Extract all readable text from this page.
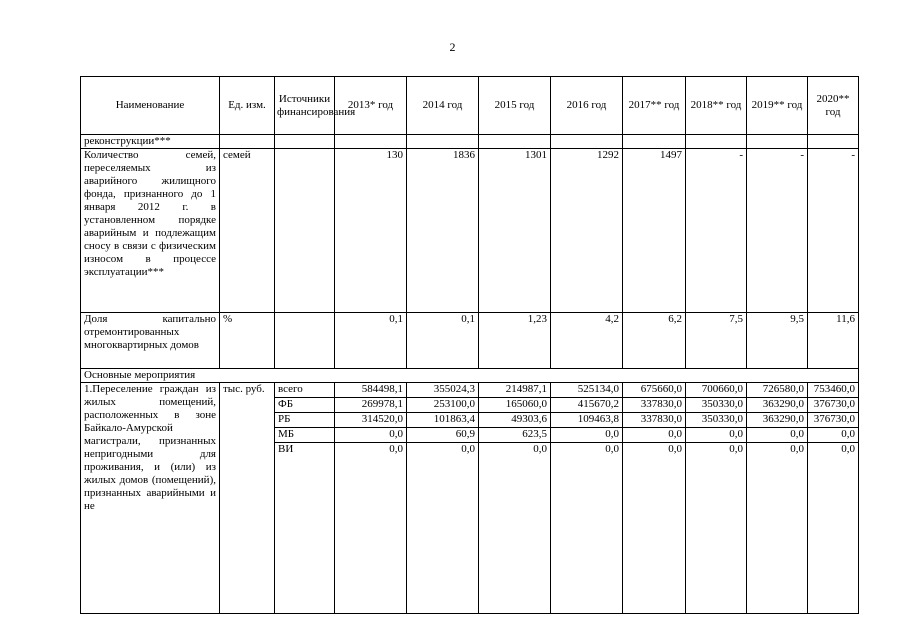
2
Наименование	Ед. изм.	Источники финансирования	2013* год	2014 год	2015 год	2016 год	2017** год	2018** год	2019** год	2020** год
реконструкции***										
Количество семей, переселяемых из аварийного жилищного фонда, признанного до 1 января 2012 г. в установленном порядке аварийным и подлежащим сносу в связи с физическим износом в процессе эксплуатации***	семей		130	1836	1301	1292	1497	-	-	-
Доля капитально отремонтированных многоквартирных домов	%		0,1	0,1	1,23	4,2	6,2	7,5	9,5	11,6
Основные мероприятия										
1.Переселение граждан из жилых помещений, расположенных в зоне Байкало-Амурской магистрали, признанных непригодными для проживания, и (или) из жилых домов (помещений), признанных аварийными и не	тыс. руб.	всего	584498,1	355024,3	214987,1	525134,0	675660,0	700660,0	726580,0	753460,0
		ФБ	269978,1	253100,0	165060,0	415670,2	337830,0	350330,0	363290,0	376730,0
		РБ	314520,0	101863,4	49303,6	109463,8	337830,0	350330,0	363290,0	376730,0
		МБ	0,0	60,9	623,5	0,0	0,0	0,0	0,0	0,0
		ВИ	0,0	0,0	0,0	0,0	0,0	0,0	0,0	0,0
